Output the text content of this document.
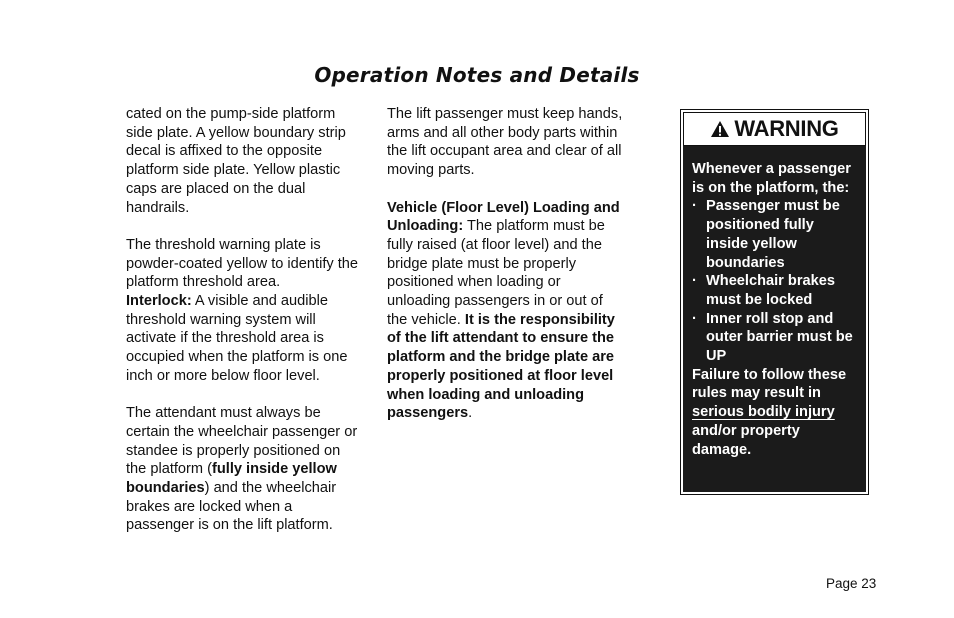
Operation Notes and Details

cated on the pump-side platform side plate. A yellow boundary strip decal is affixed to the opposite platform side plate. Yellow plastic caps are placed on the dual handrails.

The threshold warning plate is powder-coated yellow to identify the platform threshold area.
Interlock: A visible and audible threshold warning system will activate if the threshold area is occupied when the platform is one inch or more below floor level.

The attendant must always be certain the wheelchair passenger or standee is properly positioned on the platform (fully inside yellow boundaries) and the wheelchair brakes are locked when a passenger is on the lift platform.

The lift passenger must keep hands, arms and all other body parts within the lift occupant area and clear of all moving parts.

Vehicle (Floor Level) Loading and Unloading: The platform must be fully raised (at floor level) and the bridge plate must be properly positioned when loading or unloading passengers in or out of the vehicle. It is the responsibility of the lift attendant to ensure the platform and the bridge plate are properly positioned at floor level when loading and unloading passengers.

WARNING

Whenever a passenger is on the platform, the:

· Passenger must be positioned fully inside yellow boundaries
· Wheelchair brakes must be locked
· Inner roll stop and outer barrier must be UP

Failure to follow these rules may result in serious bodily injury and/or property damage.

Page 23
